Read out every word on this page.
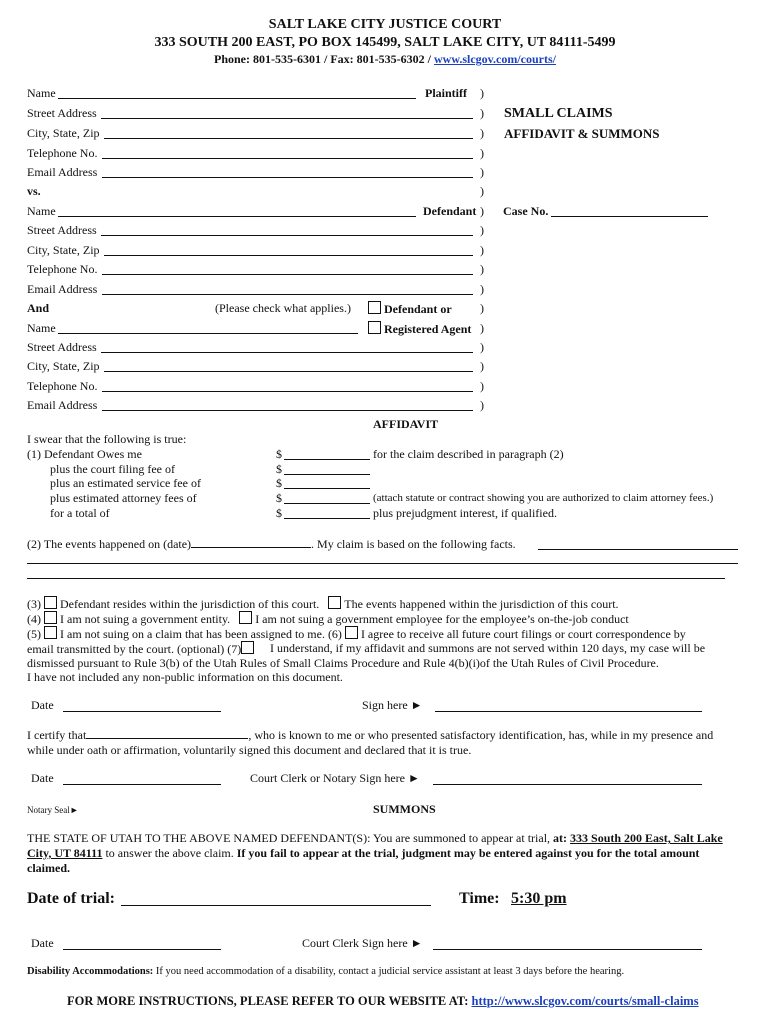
SALT LAKE CITY JUSTICE COURT
333 SOUTH 200 EAST, PO BOX 145499, SALT LAKE CITY, UT 84111-5499
Phone: 801-535-6301 / Fax: 801-535-6302 / www.slcgov.com/courts/
Name	Plaintiff )
Street Address	)
City, State, Zip	)
Telephone No.	)
Email Address	)
vs.	)
SMALL CLAIMS
AFFIDAVIT & SUMMONS
Name	Defendant ) Case No.
Street Address	)
City, State, Zip	)
Telephone No.	)
Email Address	)
And	(Please check what applies.)	Defendant or )
Name	Registered Agent )
Street Address	)
City, State, Zip	)
Telephone No.	)
Email Address	)
AFFIDAVIT
I swear that the following is true:
(1) Defendant Owes me	$	for the claim described in paragraph (2)
plus the court filing fee of	$
plus an estimated service fee of	$
plus estimated attorney fees of	$	(attach statute or contract showing you are authorized to claim attorney fees.)
for a total of	$	plus prejudgment interest, if qualified.
(2) The events happened on (date)	. My claim is based on the following facts.
(3) Defendant resides within the jurisdiction of this court. The events happened within the jurisdiction of this court.
(4) I am not suing a government entity. I am not suing a government employee for the employee’s on-the-job conduct
(5) I am not suing on a claim that has been assigned to me. (6) I agree to receive all future court filings or court correspondence by
email transmitted by the court. (optional) (7)	I understand, if my affidavit and summons are not served within 120 days, my case will be dismissed pursuant to Rule 3(b) of the Utah Rules of Small Claims Procedure and Rule 4(b)(i)of the Utah Rules of Civil Procedure.
I have not included any non-public information on this document.
Date	Sign here ►
I certify that	, who is known to me or who presented satisfactory identification, has, while in my presence and while under oath or affirmation, voluntarily signed this document and declared that it is true.
Date	Court Clerk or Notary Sign here ►
Notary Seal►	SUMMONS
THE STATE OF UTAH TO THE ABOVE NAMED DEFENDANT(S): You are summoned to appear at trial, at: 333 South 200 East, Salt Lake City, UT 84111 to answer the above claim. If you fail to appear at the trial, judgment may be entered against you for the total amount claimed.
Date of trial:	Time: 5:30 pm
Date	Court Clerk Sign here ►
Disability Accommodations: If you need accommodation of a disability, contact a judicial service assistant at least 3 days before the hearing.
FOR MORE INSTRUCTIONS, PLEASE REFER TO OUR WEBSITE AT: http://www.slcgov.com/courts/small-claims
